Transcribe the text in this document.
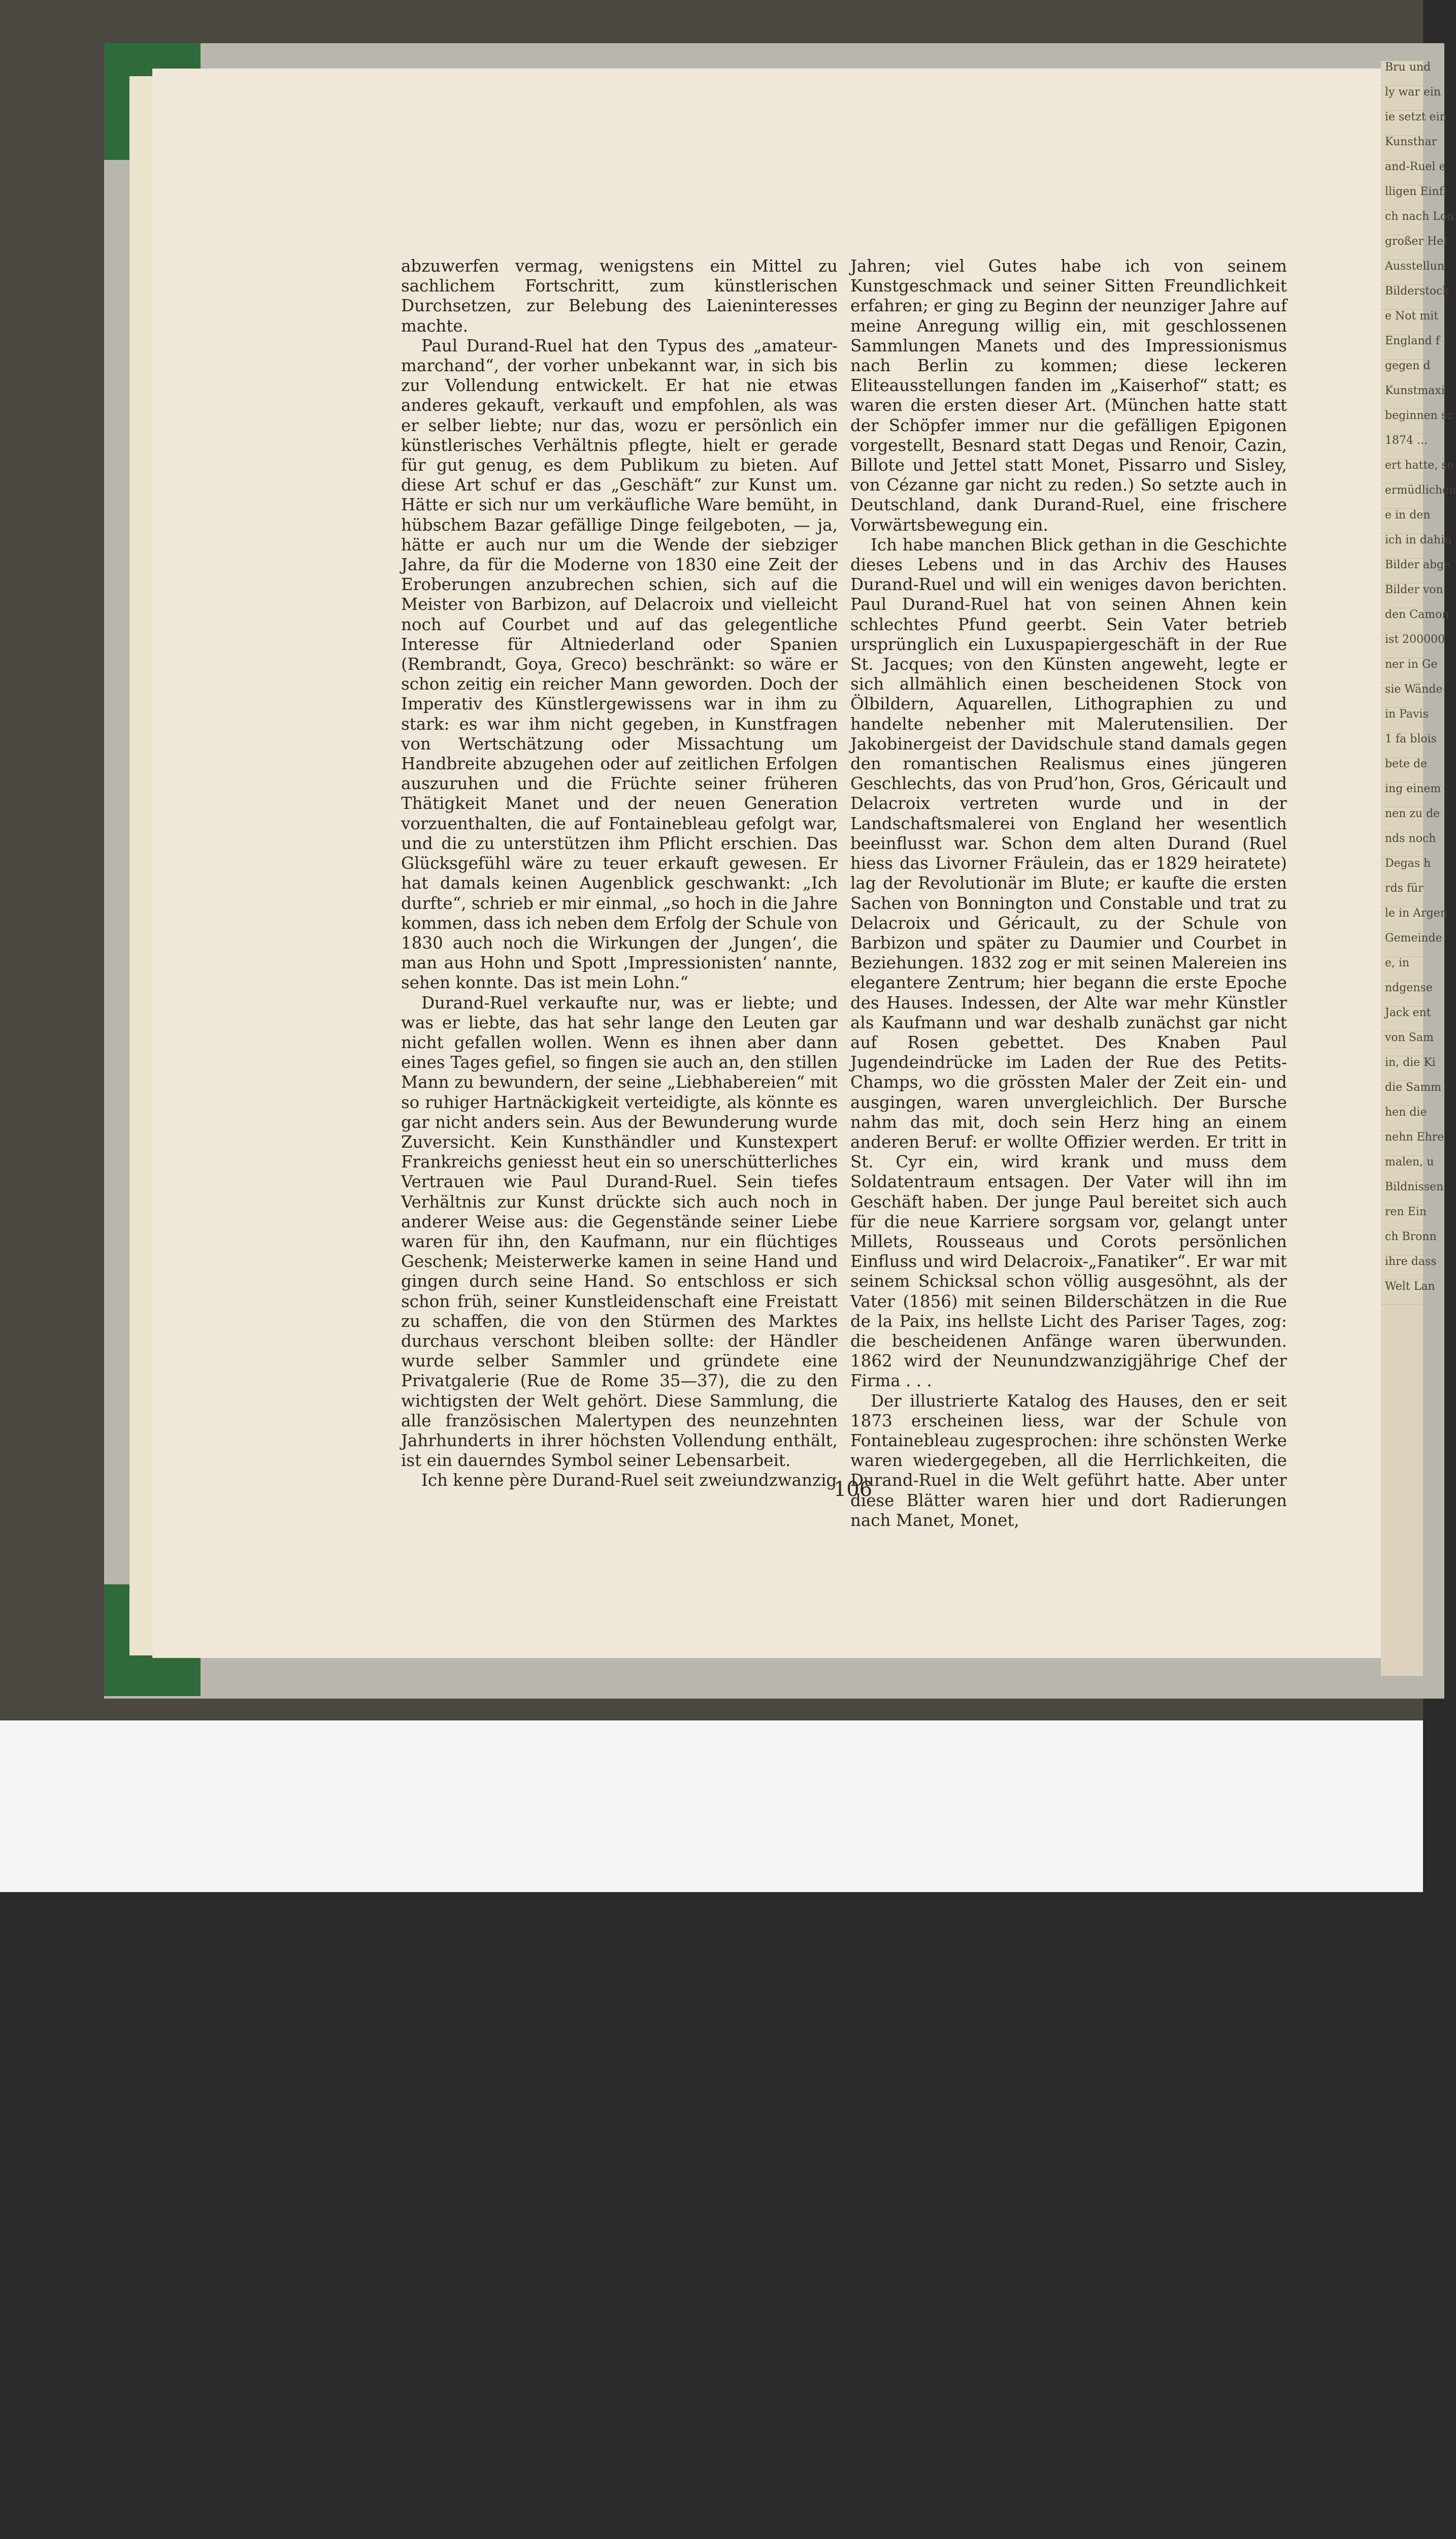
Bru und
ly war ein
ie setzt ein
Kunsthar
and-Ruel e
lligen Einfl
ch nach Lon
großer Hel
Ausstellun
Bilderstock
e Not mit
England f
gegen d
Kunstmaxi
beginnen sc
1874 ...
ert hatte, se
ermüdlichen
e in den
ich in dahin
Bilder abge
Bilder von
den Camon
ist 200000
ner in Ge
sie Wände
in Pavis
1 fa blois
bete de
ing einem
nen zu de
nds noch
Degas h
rds für
le in Argen
Gemeinde
e, in
ndgense
Jack ent
von Sam
in, die Ki
die Samm
hen die
nehn Ehre
malen, u
Bildnissen
ren Ein
ch Bronn
ihre dass
Welt Lan

abzuwerfen vermag, wenigstens ein Mittel zu sachlichem Fortschritt, zum künstlerischen Durchsetzen, zur Belebung des Laieninteresses machte.

Paul Durand-Ruel hat den Typus des „amateur-marchand“, der vorher unbekannt war, in sich bis zur Vollendung entwickelt. Er hat nie etwas anderes gekauft, verkauft und empfohlen, als was er selber liebte; nur das, wozu er persönlich ein künstlerisches Verhältnis pflegte, hielt er gerade für gut genug, es dem Publikum zu bieten. Auf diese Art schuf er das „Geschäft“ zur Kunst um. Hätte er sich nur um verkäufliche Ware bemüht, in hübschem Bazar gefällige Dinge feilgeboten, — ja, hätte er auch nur um die Wende der siebziger Jahre, da für die Moderne von 1830 eine Zeit der Eroberungen anzubrechen schien, sich auf die Meister von Barbizon, auf Delacroix und vielleicht noch auf Courbet und auf das gelegentliche Interesse für Altniederland oder Spanien (Rembrandt, Goya, Greco) beschränkt: so wäre er schon zeitig ein reicher Mann geworden. Doch der Imperativ des Künstlergewissens war in ihm zu stark: es war ihm nicht gegeben, in Kunstfragen von Wertschätzung oder Missachtung um Handbreite abzugehen oder auf zeitlichen Erfolgen auszuruhen und die Früchte seiner früheren Thätigkeit Manet und der neuen Generation vorzuenthalten, die auf Fontainebleau gefolgt war, und die zu unterstützen ihm Pflicht erschien. Das Glücksgefühl wäre zu teuer erkauft gewesen. Er hat damals keinen Augenblick geschwankt: „Ich durfte“, schrieb er mir einmal, „so hoch in die Jahre kommen, dass ich neben dem Erfolg der Schule von 1830 auch noch die Wirkungen der ‚Jungen‘, die man aus Hohn und Spott ‚Impressionisten‘ nannte, sehen konnte. Das ist mein Lohn.“

Durand-Ruel verkaufte nur, was er liebte; und was er liebte, das hat sehr lange den Leuten gar nicht gefallen wollen. Wenn es ihnen aber dann eines Tages gefiel, so fingen sie auch an, den stillen Mann zu bewundern, der seine „Liebhabereien“ mit so ruhiger Hartnäckigkeit verteidigte, als könnte es gar nicht anders sein. Aus der Bewunderung wurde Zuversicht. Kein Kunsthändler und Kunstexpert Frankreichs geniesst heut ein so unerschütterliches Vertrauen wie Paul Durand-Ruel. Sein tiefes Verhältnis zur Kunst drückte sich auch noch in anderer Weise aus: die Gegenstände seiner Liebe waren für ihn, den Kaufmann, nur ein flüchtiges Geschenk; Meisterwerke kamen in seine Hand und gingen durch seine Hand. So entschloss er sich schon früh, seiner Kunstleidenschaft eine Freistatt zu schaffen, die von den Stürmen des Marktes durchaus verschont bleiben sollte: der Händler wurde selber Sammler und gründete eine Privatgalerie (Rue de Rome 35—37), die zu den wichtigsten der Welt gehört. Diese Sammlung, die alle französischen Malertypen des neunzehnten Jahrhunderts in ihrer höchsten Vollendung enthält, ist ein dauerndes Symbol seiner Lebensarbeit.

Ich kenne père Durand-Ruel seit zweiundzwanzig

Jahren; viel Gutes habe ich von seinem Kunstgeschmack und seiner Sitten Freundlichkeit erfahren; er ging zu Beginn der neunziger Jahre auf meine Anregung willig ein, mit geschlossenen Sammlungen Manets und des Impressionismus nach Berlin zu kommen; diese leckeren Eliteausstellungen fanden im „Kaiserhof“ statt; es waren die ersten dieser Art. (München hatte statt der Schöpfer immer nur die gefälligen Epigonen vorgestellt, Besnard statt Degas und Renoir, Cazin, Billote und Jettel statt Monet, Pissarro und Sisley, von Cézanne gar nicht zu reden.) So setzte auch in Deutschland, dank Durand-Ruel, eine frischere Vorwärtsbewegung ein.

Ich habe manchen Blick gethan in die Geschichte dieses Lebens und in das Archiv des Hauses Durand-Ruel und will ein weniges davon berichten. Paul Durand-Ruel hat von seinen Ahnen kein schlechtes Pfund geerbt. Sein Vater betrieb ursprünglich ein Luxuspapiergeschäft in der Rue St. Jacques; von den Künsten angeweht, legte er sich allmählich einen bescheidenen Stock von Ölbildern, Aquarellen, Lithographien zu und handelte nebenher mit Malerutensilien. Der Jakobinergeist der Davidschule stand damals gegen den romantischen Realismus eines jüngeren Geschlechts, das von Prud’hon, Gros, Géricault und Delacroix vertreten wurde und in der Landschaftsmalerei von England her wesentlich beeinflusst war. Schon dem alten Durand (Ruel hiess das Livorner Fräulein, das er 1829 heiratete) lag der Revolutionär im Blute; er kaufte die ersten Sachen von Bonnington und Constable und trat zu Delacroix und Géricault, zu der Schule von Barbizon und später zu Daumier und Courbet in Beziehungen. 1832 zog er mit seinen Malereien ins elegantere Zentrum; hier begann die erste Epoche des Hauses. Indessen, der Alte war mehr Künstler als Kaufmann und war deshalb zunächst gar nicht auf Rosen gebettet. Des Knaben Paul Jugendeindrücke im Laden der Rue des Petits-Champs, wo die grössten Maler der Zeit ein- und ausgingen, waren unvergleichlich. Der Bursche nahm das mit, doch sein Herz hing an einem anderen Beruf: er wollte Offizier werden. Er tritt in St. Cyr ein, wird krank und muss dem Soldatentraum entsagen. Der Vater will ihn im Geschäft haben. Der junge Paul bereitet sich auch für die neue Karriere sorgsam vor, gelangt unter Millets, Rousseaus und Corots persönlichen Einfluss und wird Delacroix-„Fanatiker“. Er war mit seinem Schicksal schon völlig ausgesöhnt, als der Vater (1856) mit seinen Bilderschätzen in die Rue de la Paix, ins hellste Licht des Pariser Tages, zog: die bescheidenen Anfänge waren überwunden. 1862 wird der Neunundzwanzigjährige Chef der Firma . . .

Der illustrierte Katalog des Hauses, den er seit 1873 erscheinen liess, war der Schule von Fontainebleau zugesprochen: ihre schönsten Werke waren wiedergegeben, all die Herrlichkeiten, die Durand-Ruel in die Welt geführt hatte. Aber unter diese Blätter waren hier und dort Radierungen nach Manet, Monet,

106
